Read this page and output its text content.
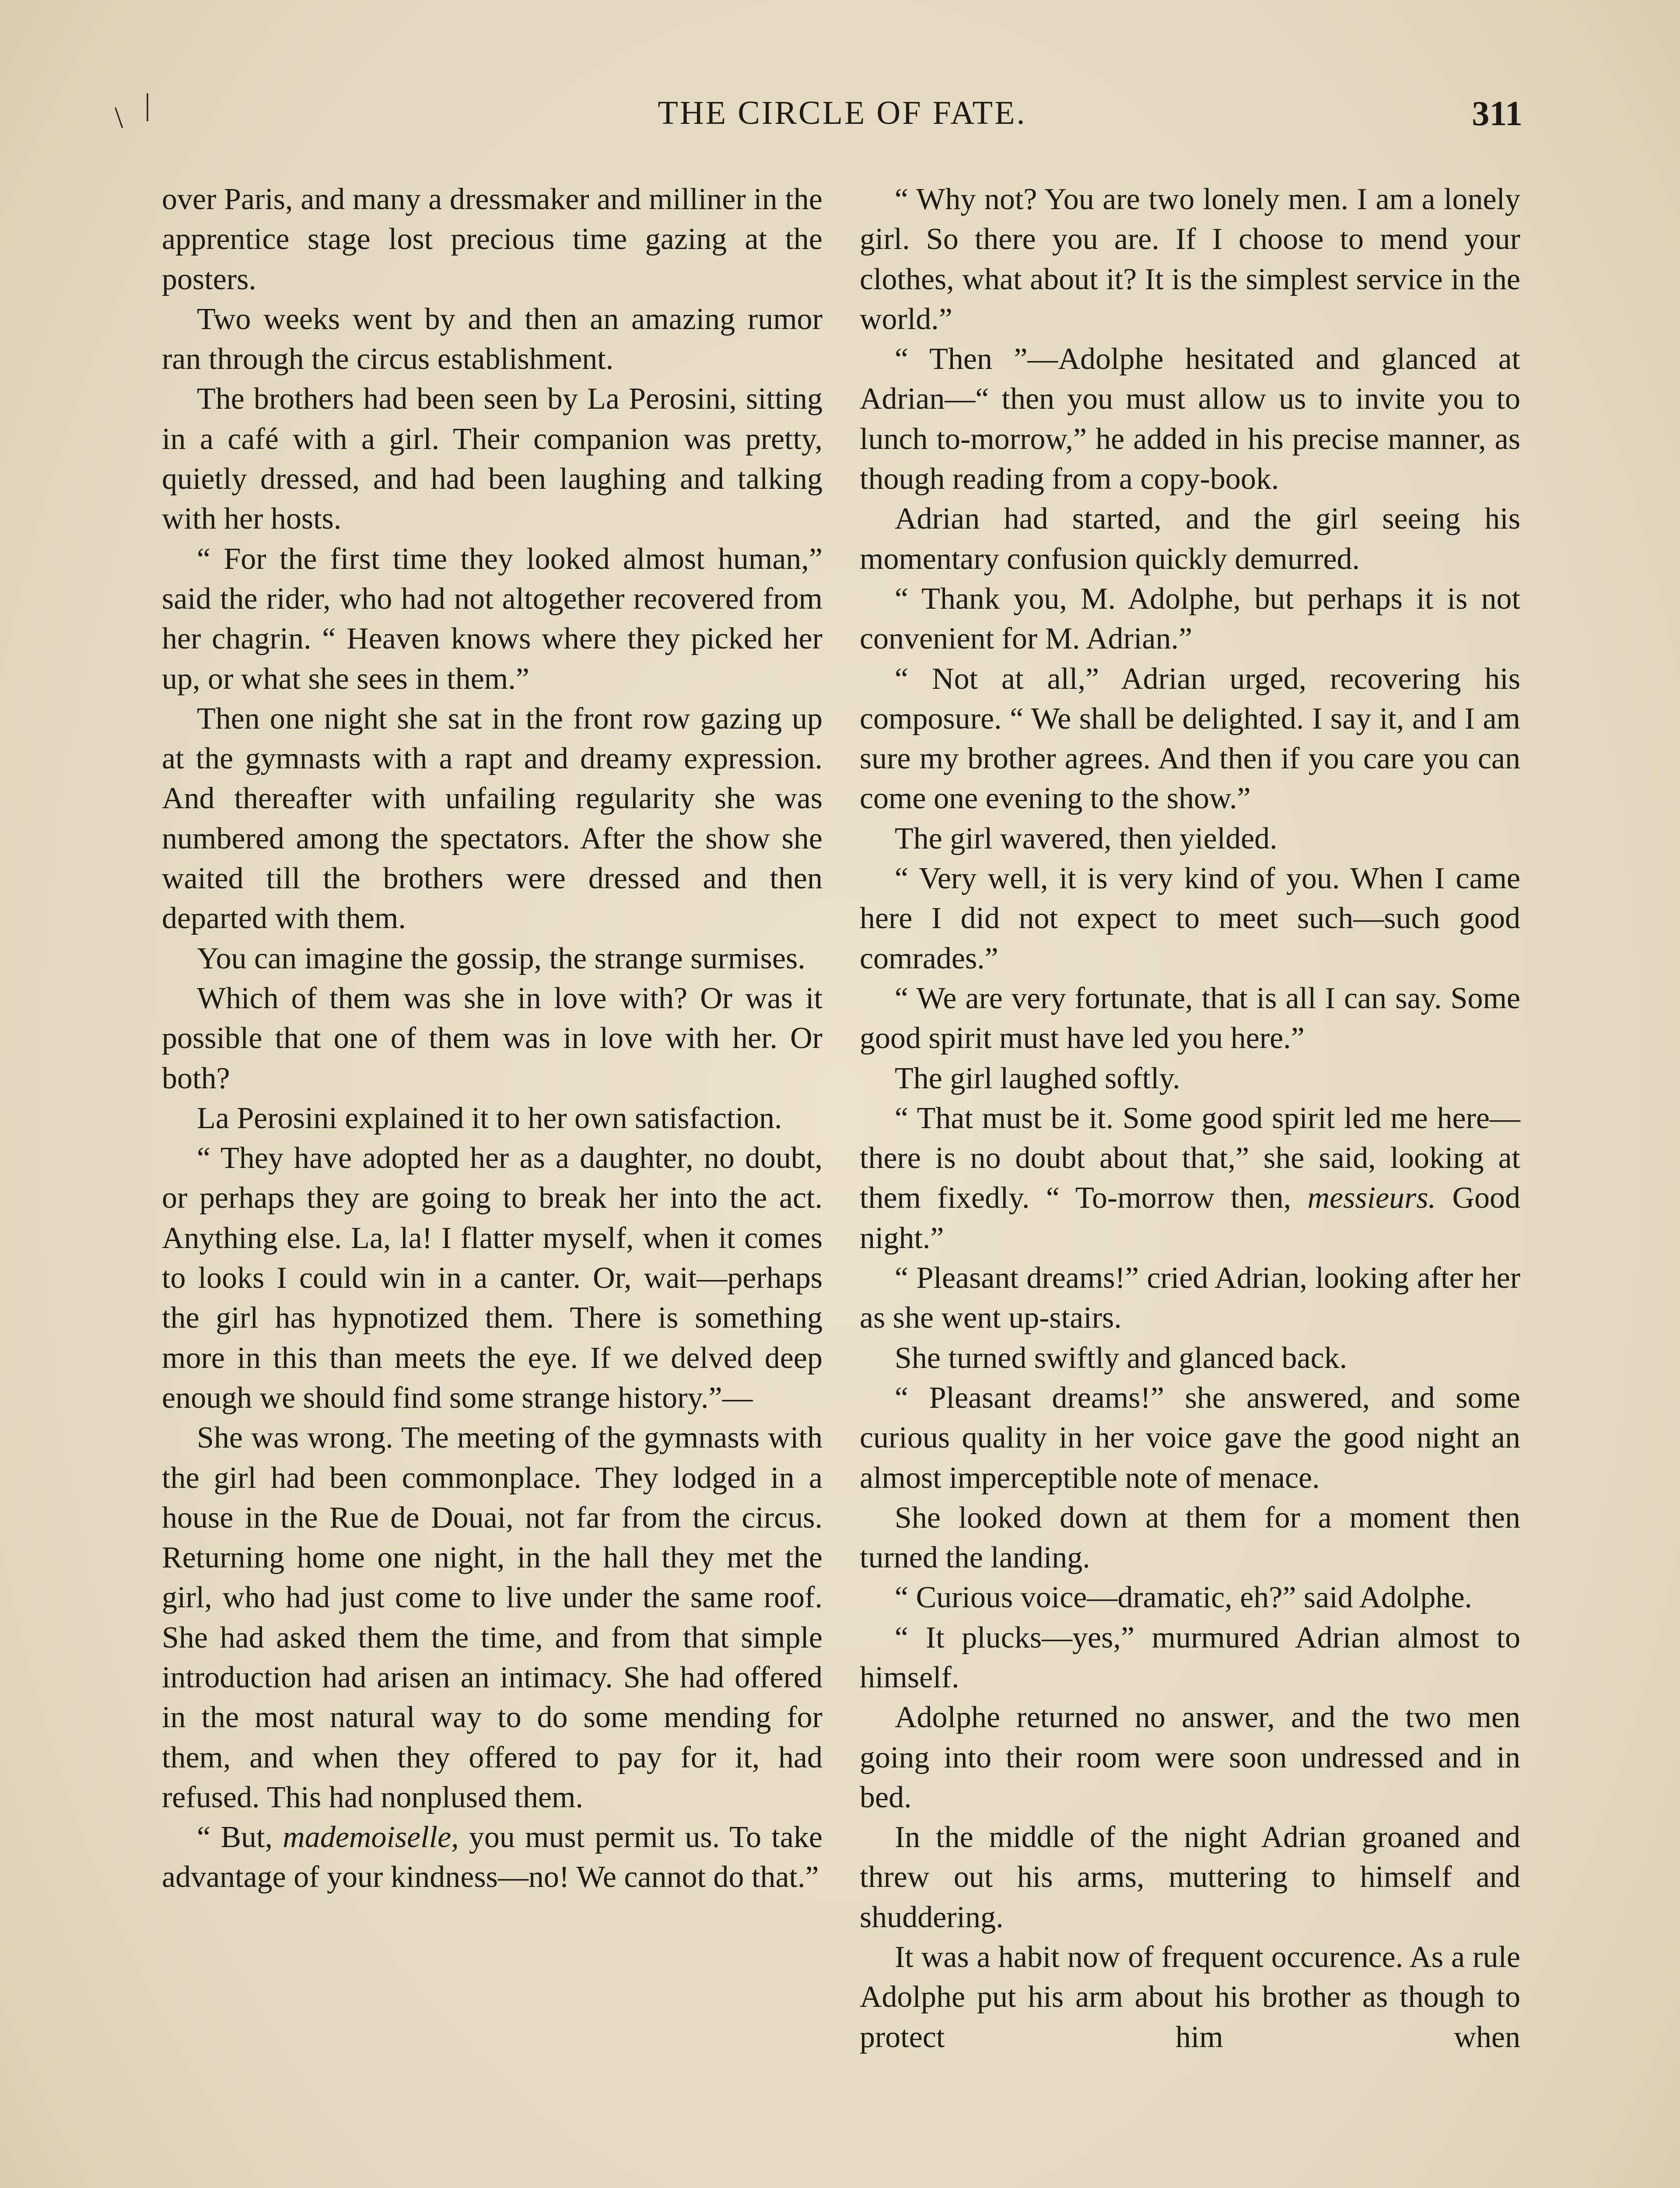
\ |	THE CIRCLE OF FATE.	311

over Paris, and many a dressmaker and milliner in the apprentice stage lost precious time gazing at the posters.

Two weeks went by and then an amazing rumor ran through the circus establishment.

The brothers had been seen by La Perosini, sitting in a café with a girl. Their companion was pretty, quietly dressed, and had been laughing and talking with her hosts.

“ For the first time they looked almost human,” said the rider, who had not altogether recovered from her chagrin. “ Heaven knows where they picked her up, or what she sees in them.”

Then one night she sat in the front row gazing up at the gymnasts with a rapt and dreamy expression. And thereafter with unfailing regularity she was numbered among the spectators. After the show she waited till the brothers were dressed and then departed with them.

You can imagine the gossip, the strange surmises.

Which of them was she in love with? Or was it possible that one of them was in love with her. Or both?

La Perosini explained it to her own satisfaction.

“ They have adopted her as a daughter, no doubt, or perhaps they are going to break her into the act. Anything else. La, la! I flatter myself, when it comes to looks I could win in a canter. Or, wait—perhaps the girl has hypnotized them. There is something more in this than meets the eye. If we delved deep enough we should find some strange history.”—

She was wrong. The meeting of the gymnasts with the girl had been commonplace. They lodged in a house in the Rue de Douai, not far from the circus. Returning home one night, in the hall they met the girl, who had just come to live under the same roof. She had asked them the time, and from that simple introduction had arisen an intimacy. She had offered in the most natural way to do some mending for them, and when they offered to pay for it, had refused. This had nonplused them.

“ But, mademoiselle, you must permit us. To take advantage of your kindness—no! We cannot do that.”

“ Why not? You are two lonely men. I am a lonely girl. So there you are. If I choose to mend your clothes, what about it? It is the simplest service in the world.”

“ Then ”—Adolphe hesitated and glanced at Adrian—“ then you must allow us to invite you to lunch to-morrow,” he added in his precise manner, as though reading from a copy-book.

Adrian had started, and the girl seeing his momentary confusion quickly demurred.

“ Thank you, M. Adolphe, but perhaps it is not convenient for M. Adrian.”

“ Not at all,” Adrian urged, recovering his composure. “ We shall be delighted. I say it, and I am sure my brother agrees. And then if you care you can come one evening to the show.”

The girl wavered, then yielded.

“ Very well, it is very kind of you. When I came here I did not expect to meet such—such good comrades.”

“ We are very fortunate, that is all I can say. Some good spirit must have led you here.”

The girl laughed softly.

“ That must be it. Some good spirit led me here—there is no doubt about that,” she said, looking at them fixedly. “ To-morrow then, messieurs. Good night.”

“ Pleasant dreams!” cried Adrian, looking after her as she went up-stairs.

She turned swiftly and glanced back.

“ Pleasant dreams!” she answered, and some curious quality in her voice gave the good night an almost imperceptible note of menace.

She looked down at them for a moment then turned the landing.

“ Curious voice—dramatic, eh?” said Adolphe.

“ It plucks—yes,” murmured Adrian almost to himself.

Adolphe returned no answer, and the two men going into their room were soon undressed and in bed.

In the middle of the night Adrian groaned and threw out his arms, muttering to himself and shuddering.

It was a habit now of frequent occurence. As a rule Adolphe put his arm about his brother as though to protect him when
